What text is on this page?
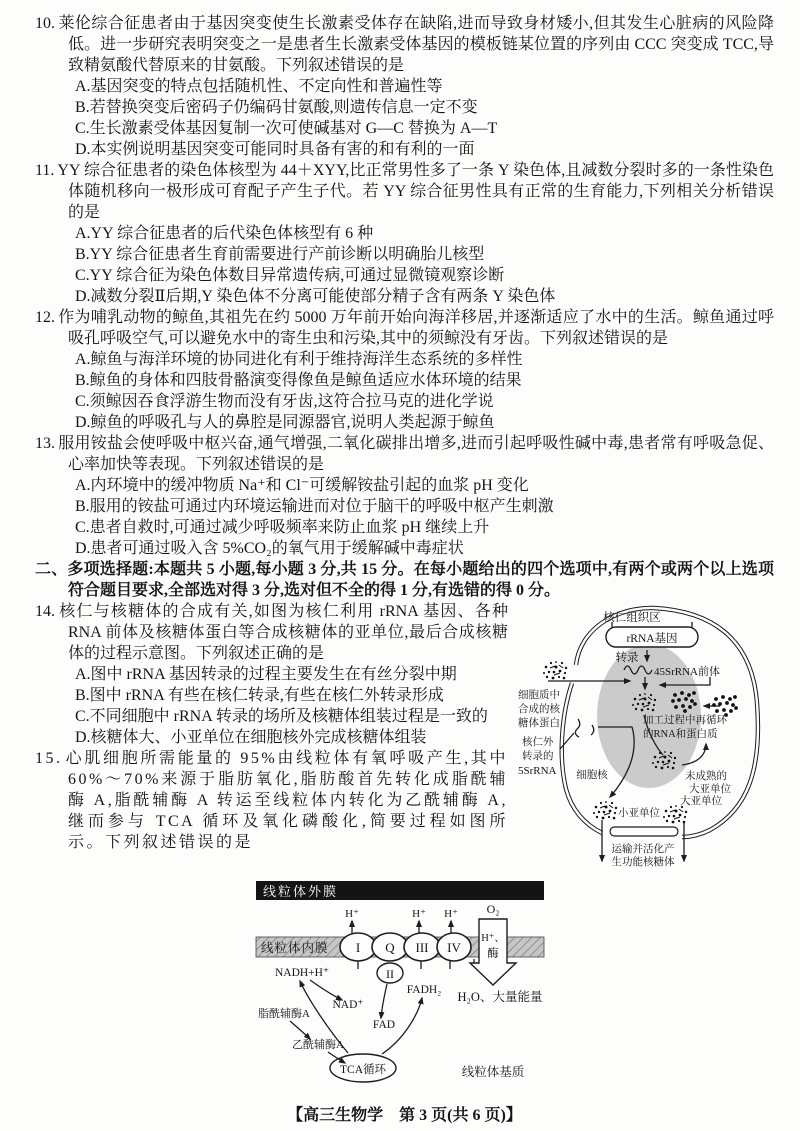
10. 莱伦综合征患者由于基因突变使生长激素受体存在缺陷,进而导致身材矮小,但其发生心脏病的风险降低。进一步研究表明突变之一是患者生长激素受体基因的模板链某位置的序列由 CCC 突变成 TCC,导致精氨酸代替原来的甘氨酸。下列叙述错误的是

A.基因突变的特点包括随机性、不定向性和普遍性等

B.若替换突变后密码子仍编码甘氨酸,则遗传信息一定不变

C.生长激素受体基因复制一次可使碱基对 G—C 替换为 A—T

D.本实例说明基因突变可能同时具备有害的和有利的一面

11. YY 综合征患者的染色体核型为 44＋XYY,比正常男性多了一条 Y 染色体,且减数分裂时多的一条性染色体随机移向一极形成可育配子产生子代。若 YY 综合征男性具有正常的生育能力,下列相关分析错误的是

A.YY 综合征患者的后代染色体核型有 6 种

B.YY 综合征患者生育前需要进行产前诊断以明确胎儿核型

C.YY 综合征为染色体数目异常遗传病,可通过显微镜观察诊断

D.减数分裂Ⅱ后期,Y 染色体不分离可能使部分精子含有两条 Y 染色体

12. 作为哺乳动物的鲸鱼,其祖先在约 5000 万年前开始向海洋移居,并逐渐适应了水中的生活。鲸鱼通过呼吸孔呼吸空气,可以避免水中的寄生虫和污染,其中的须鲸没有牙齿。下列叙述错误的是

A.鲸鱼与海洋环境的协同进化有利于维持海洋生态系统的多样性

B.鲸鱼的身体和四肢骨骼演变得像鱼是鲸鱼适应水体环境的结果

C.须鲸因吞食浮游生物而没有牙齿,这符合拉马克的进化学说

D.鲸鱼的呼吸孔与人的鼻腔是同源器官,说明人类起源于鲸鱼

13. 服用铵盐会使呼吸中枢兴奋,通气增强,二氧化碳排出增多,进而引起呼吸性碱中毒,患者常有呼吸急促、心率加快等表现。下列叙述错误的是

A.内环境中的缓冲物质 Na⁺和 Cl⁻可缓解铵盐引起的血浆 pH 变化

B.服用的铵盐可通过内环境运输进而对位于脑干的呼吸中枢产生刺激

C.患者自救时,可通过减少呼吸频率来防止血浆 pH 继续上升

D.患者可通过吸入含 5%CO₂的氧气用于缓解碱中毒症状

二、多项选择题:本题共 5 小题,每小题 3 分,共 15 分。在每小题给出的四个选项中,有两个或两个以上选项符合题目要求,全部选对得 3 分,选对但不全的得 1 分,有选错的得 0 分。

核仁组织区
rRNA基因
转录
45SrRNA前体
加工过程中再循环
的RNA和蛋白质
未成熟的
大亚单位
大亚单位
细胞质中
合成的核
糖体蛋白
核仁外
转录的
5SrRNA 细胞核
小亚单位
运输并活化产
生功能核糖体

14. 核仁与核糖体的合成有关,如图为核仁利用 rRNA 基因、各种 RNA 前体及核糖体蛋白等合成核糖体的亚单位,最后合成核糖体的过程示意图。下列叙述正确的是

A.图中 rRNA 基因转录的过程主要发生在有丝分裂中期

B.图中 rRNA 有些在核仁转录,有些在核仁外转录形成

C.不同细胞中 rRNA 转录的场所及核糖体组装过程是一致的

D.核糖体大、小亚单位在细胞核外完成核糖体组装

15. 心肌细胞所需能量的 95%由线粒体有氧呼吸产生,其中 60%～70%来源于脂肪氧化,脂肪酸首先转化成脂酰辅酶 A,脂酰辅酶 A 转运至线粒体内转化为乙酰辅酶 A,继而参与 TCA 循环及氧化磷酸化,简要过程如图所示。下列叙述错误的是

线粒体外膜
H⁺	H⁺ H⁺ O₂
线粒体内膜 I Q III IV
II
H⁺、
酶
H₂O、大量能量
NADH+H⁺
NAD⁺
FADH₂
FAD
脂酰辅酶A
乙酰辅酶A
TCA循环	线粒体基质
【高三生物学　第 3 页(共 6 页)】
